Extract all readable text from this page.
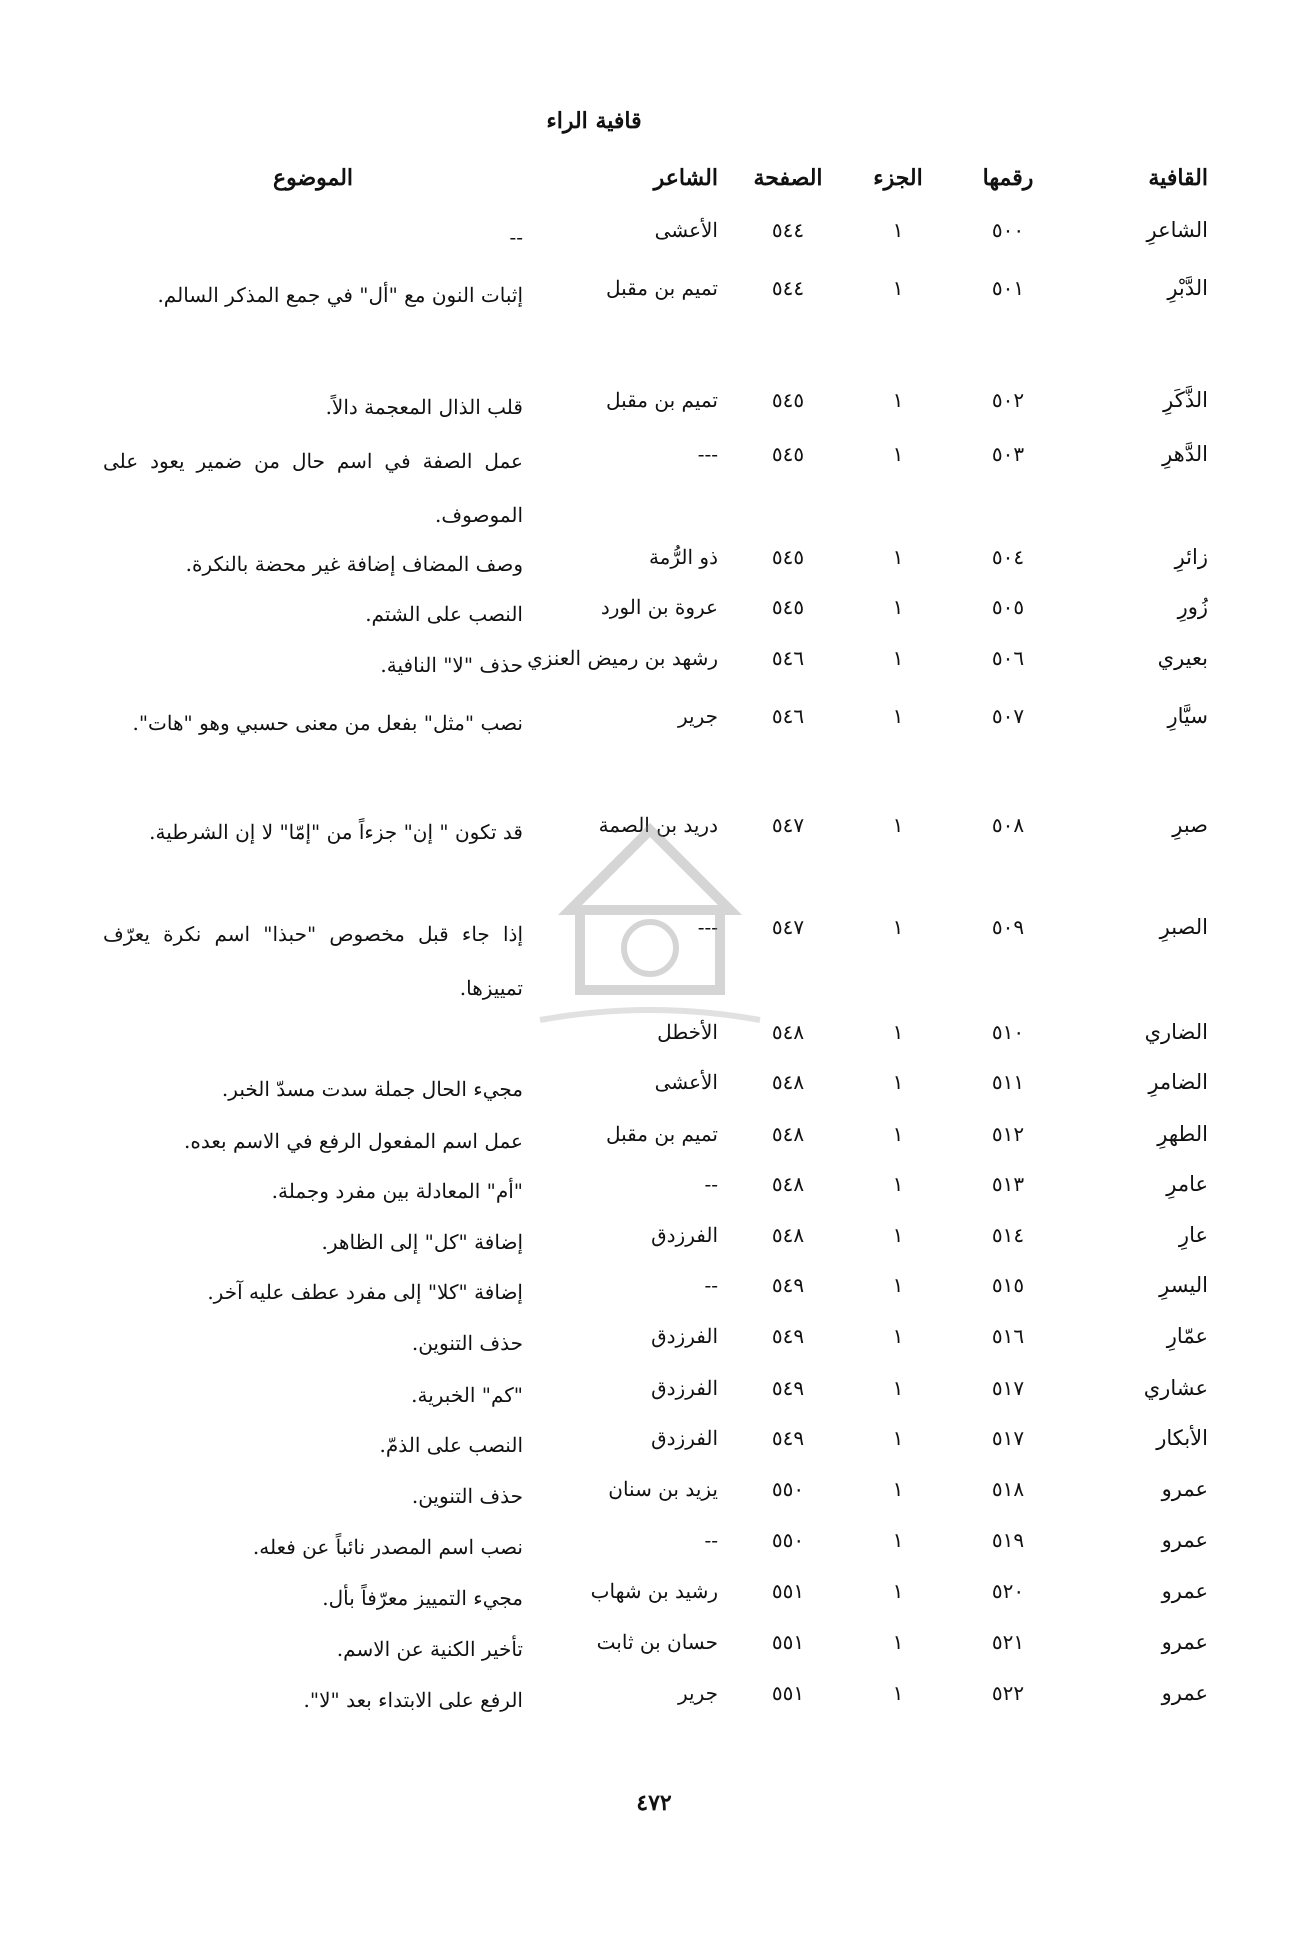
قافية الراء
القافية
رقمها
الجزء
الصفحة
الشاعر
الموضوع
الشاعرِ
٥٠٠
١
٥٤٤
الأعشى
--
الدَّبْرِ
٥٠١
١
٥٤٤
تميم بن مقبل
إثبات النون مع "أل" في جمع المذكر السالم.
الذَّكَرِ
٥٠٢
١
٥٤٥
تميم بن مقبل
قلب الذال المعجمة دالاً.
الدَّهرِ
٥٠٣
١
٥٤٥
---
عمل الصفة في اسم حال من ضمير يعود على الموصوف.
زائرِ
٥٠٤
١
٥٤٥
ذو الرُّمة
وصف المضاف إضافة غير محضة بالنكرة.
زُورِ
٥٠٥
١
٥٤٥
عروة بن الورد
النصب على الشتم.
بعيري
٥٠٦
١
٥٤٦
رشهد بن رميض العنزي
حذف "لا" النافية.
سيَّارِ
٥٠٧
١
٥٤٦
جرير
نصب "مثل" بفعل من معنى حسبي وهو "هات".
صبرِ
٥٠٨
١
٥٤٧
دريد بن الصمة
قد تكون " إن" جزءاً من "إمّا" لا إن الشرطية.
الصبرِ
٥٠٩
١
٥٤٧
---
إذا جاء قبل مخصوص "حبذا" اسم نكرة يعرّف تمييزها.
الضاري
٥١٠
١
٥٤٨
الأخطل
الضامرِ
٥١١
١
٥٤٨
الأعشى
مجيء الحال جملة سدت مسدّ الخبر.
الطهرِ
٥١٢
١
٥٤٨
تميم بن مقبل
عمل اسم المفعول الرفع في الاسم بعده.
عامرِ
٥١٣
١
٥٤٨
--
"أم" المعادلة بين مفرد وجملة.
عارِ
٥١٤
١
٥٤٨
الفرزدق
إضافة "كل" إلى الظاهر.
اليسرِ
٥١٥
١
٥٤٩
--
إضافة "كلا" إلى مفرد عطف عليه آخر.
عمّارِ
٥١٦
١
٥٤٩
الفرزدق
حذف التنوين.
عشاري
٥١٧
١
٥٤٩
الفرزدق
"كم" الخبرية.
الأبكار
٥١٧
١
٥٤٩
الفرزدق
النصب على الذمّ.
عمرو
٥١٨
١
٥٥٠
يزيد بن سنان
حذف التنوين.
عمرو
٥١٩
١
٥٥٠
--
نصب اسم المصدر نائباً عن فعله.
عمرو
٥٢٠
١
٥٥١
رشيد بن شهاب
مجيء التمييز معرّفاً بأل.
عمرو
٥٢١
١
٥٥١
حسان بن ثابت
تأخير الكنية عن الاسم.
عمرو
٥٢٢
١
٥٥١
جرير
الرفع على الابتداء بعد "لا".
٤٧٢
